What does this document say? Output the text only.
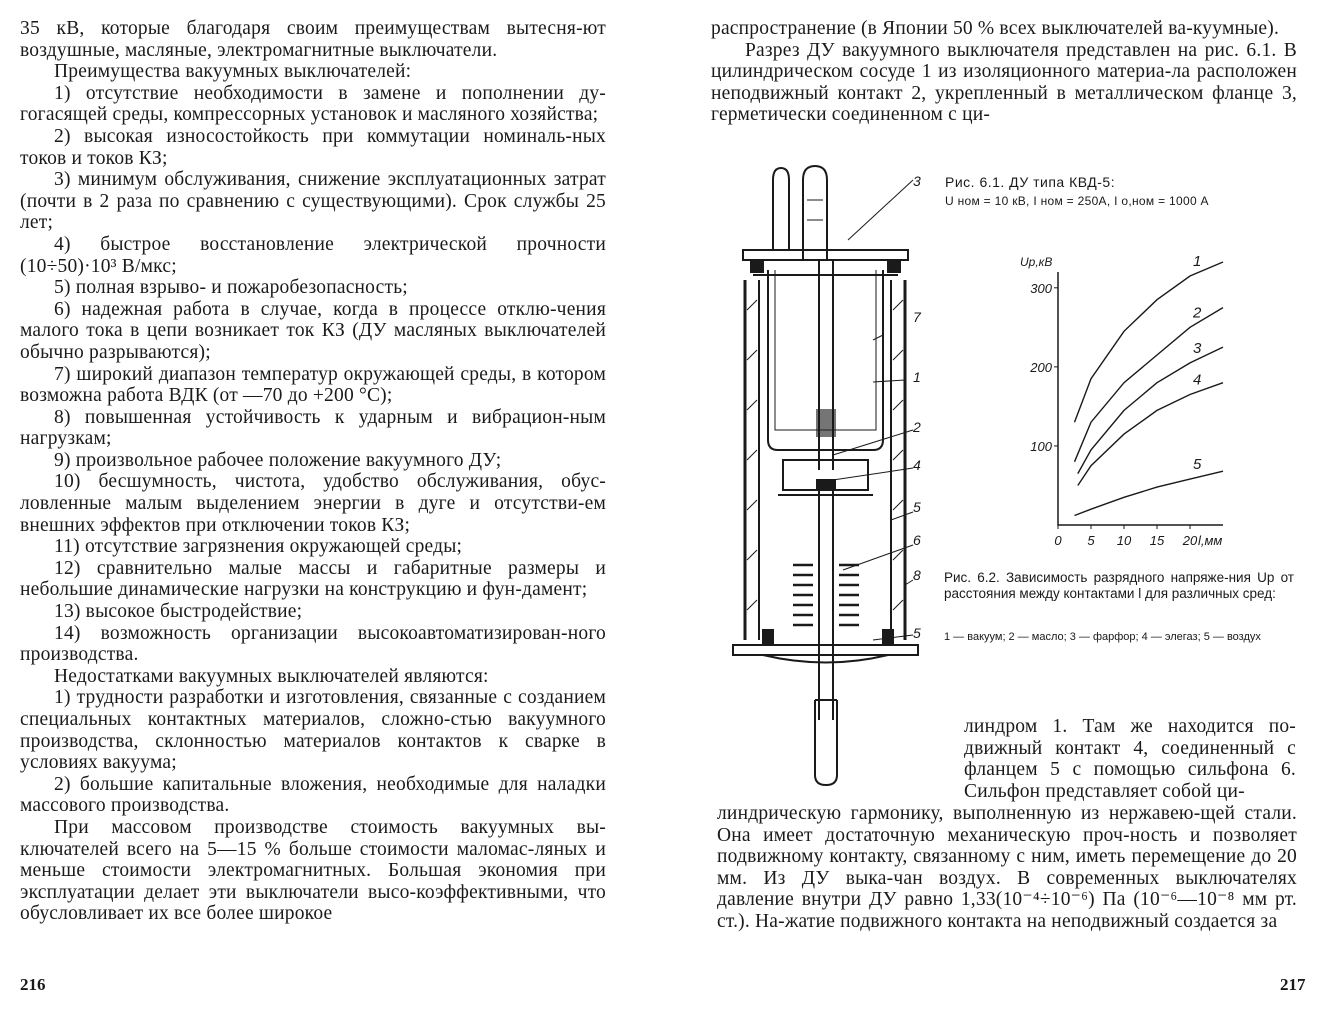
35 кВ, которые благодаря своим преимуществам вытесня-ют воздушные, масляные, электромагнитные выключатели.

Преимущества вакуумных выключателей:

1) отсутствие необходимости в замене и пополнении ду-гогасящей среды, компрессорных установок и масляного хозяйства;

2) высокая износостойкость при коммутации номиналь-ных токов и токов КЗ;

3) минимум обслуживания, снижение эксплуатационных затрат (почти в 2 раза по сравнению с существующими). Срок службы 25 лет;

4) быстрое восстановление электрической прочности (10÷50)·10³ В/мкс;

5) полная взрыво- и пожаробезопасность;

6) надежная работа в случае, когда в процессе отклю-чения малого тока в цепи возникает ток КЗ (ДУ масляных выключателей обычно разрываются);

7) широкий диапазон температур окружающей среды, в котором возможна работа ВДК (от —70 до +200 °С);

8) повышенная устойчивость к ударным и вибрацион-ным нагрузкам;

9) произвольное рабочее положение вакуумного ДУ;

10) бесшумность, чистота, удобство обслуживания, обус-ловленные малым выделением энергии в дуге и отсутстви-ем внешних эффектов при отключении токов КЗ;

11) отсутствие загрязнения окружающей среды;

12) сравнительно малые массы и габаритные размеры и небольшие динамические нагрузки на конструкцию и фун-дамент;

13) высокое быстродействие;

14) возможность организации высокоавтоматизирован-ного производства.

Недостатками вакуумных выключателей являются:

1) трудности разработки и изготовления, связанные с созданием специальных контактных материалов, сложно-стью вакуумного производства, склонностью материалов контактов к сварке в условиях вакуума;

2) большие капитальные вложения, необходимые для наладки массового производства.

При массовом производстве стоимость вакуумных вы-ключателей всего на 5—15 % больше стоимости маломас-ляных и меньше стоимости электромагнитных. Большая экономия при эксплуатации делает эти выключатели высо-коэффективными, что обусловливает их все более широкое

216

распространение (в Японии 50 % всех выключателей ва-куумные).

Разрез ДУ вакуумного выключателя представлен на рис. 6.1. В цилиндрическом сосуде 1 из изоляционного материа-ла расположен неподвижный контакт 2, укрепленный в металлическом фланце 3, герметически соединенном с ци-

3
7
1
2
4
5
6
8
5
Рис. 6.1. ДУ типа КВД-5:
U ном = 10 кВ, I ном = 250А, I о,ном = 1000 А
100
200
300
0 5 10 15 20
Uр,кВ
l,мм
1
2
3
4
5
Рис. 6.2. Зависимость разрядного напряже-ния Uр от расстояния между контактами l для различных сред:
1 — вакуум; 2 — масло; 3 — фарфор; 4 — элегаз; 5 — воздух
линдром 1. Там же находится по-движный контакт 4, соединенный с фланцем 5 с помощью сильфона 6. Сильфон представляет собой ци-
линдрическую гармонику, выполненную из нержавею-щей стали. Она имеет достаточную механическую проч-ность и позволяет подвижному контакту, связанному с ним, иметь перемещение до 20 мм. Из ДУ выка-чан воздух. В современных выключателях давление внутри ДУ равно 1,33(10⁻⁴÷10⁻⁶) Па (10⁻⁶—10⁻⁸ мм рт. ст.). На-жатие подвижного контакта на неподвижный создается за
217
